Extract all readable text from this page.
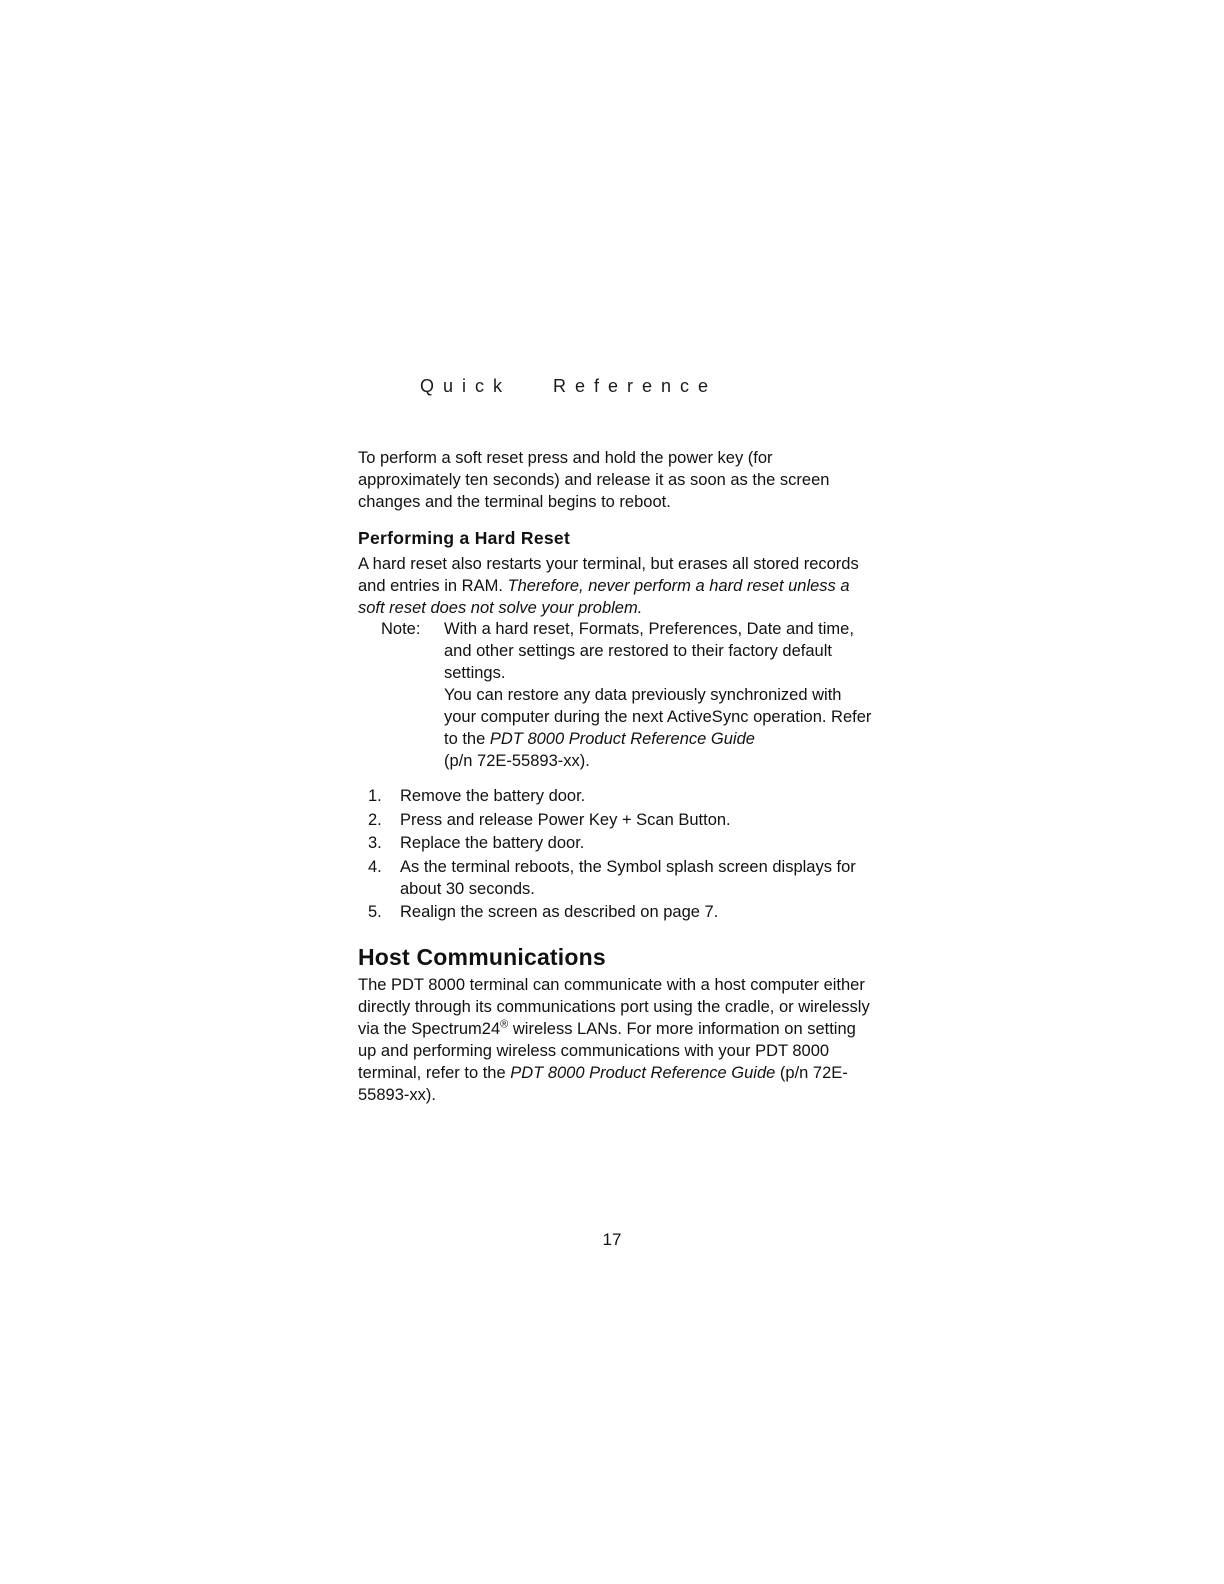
Quick   Reference

To perform a soft reset press and hold the power key (for approximately ten seconds) and release it as soon as the screen changes and the terminal begins to reboot.

Performing a Hard Reset

A hard reset also restarts your terminal, but erases all stored records and entries in RAM. Therefore, never perform a hard reset unless a soft reset does not solve your problem.

Note:	With a hard reset, Formats, Preferences, Date and time, and other settings are restored to their factory default settings.

You can restore any data previously synchronized with your computer during the next ActiveSync operation. Refer to the PDT 8000 Product Reference Guide
(p/n 72E-55893-xx).

1. Remove the battery door.
2. Press and release Power Key + Scan Button.
3. Replace the battery door.
4. As the terminal reboots, the Symbol splash screen displays for about 30 seconds.
5. Realign the screen as described on page 7.
Host Communications

The PDT 8000 terminal can communicate with a host computer either directly through its communications port using the cradle, or wirelessly via the Spectrum24® wireless LANs. For more information on setting up and performing wireless communications with your PDT 8000 terminal, refer to the PDT 8000 Product Reference Guide (p/n 72E-55893-xx).

17
